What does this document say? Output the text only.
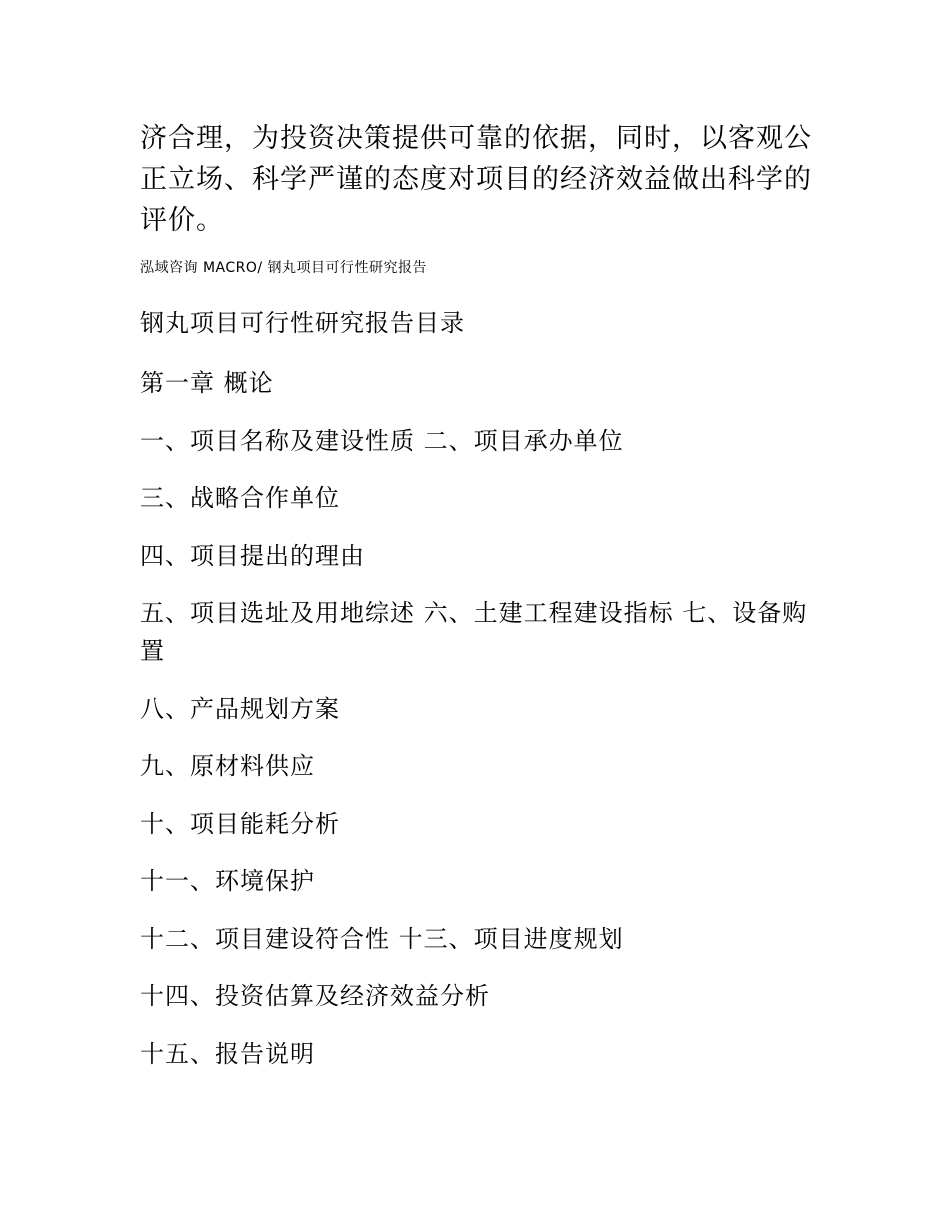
济合理，为投资决策提供可靠的依据，同时，以客观公

正立场、科学严谨的态度对项目的经济效益做出科学的

评价。

泓域咨询 MACRO/ 钢丸项目可行性研究报告
钢丸项目可行性研究报告目录
第一章 概论
一、项目名称及建设性质 二、项目承办单位
三、战略合作单位
四、项目提出的理由
五、项目选址及用地综述 六、土建工程建设指标 七、设备购置
八、产品规划方案
九、原材料供应
十、项目能耗分析
十一、环境保护
十二、项目建设符合性 十三、项目进度规划
十四、投资估算及经济效益分析
十五、报告说明
